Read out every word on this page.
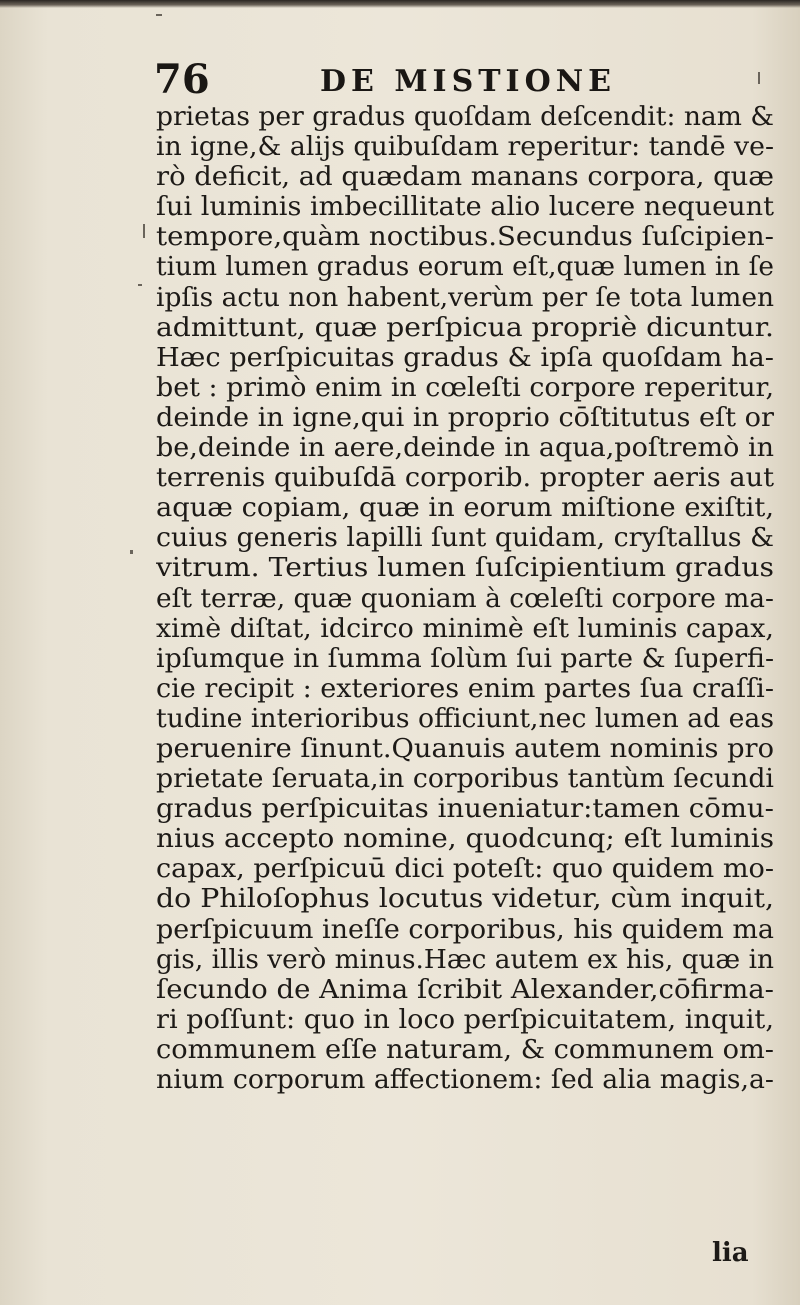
76	DE MISTIONE
prietas per gradus quoſdam deſcendit: nam &
in igne,& alijs quibuſdam reperitur: tandē ve-
rò deficit, ad quædam manans corpora, quæ
ſui luminis imbecillitate alio lucere nequeunt
tempore,quàm noctibus.Secundus ſuſcipien-
tium lumen gradus eorum eſt,quæ lumen in ſe
ipſis actu non habent,verùm per ſe tota lumen
admittunt, quæ perſpicua propriè dicuntur.
Hæc perſpicuitas gradus & ipſa quoſdam ha-
bet : primò enim in cœleſti corpore reperitur,
deinde in igne,qui in proprio cōſtitutus eſt or
be,deinde in aere,deinde in aqua,poſtremò in
terrenis quibuſdā corporib. propter aeris aut
aquæ copiam, quæ in eorum miſtione exiſtit,
cuius generis lapilli ſunt quidam, cryſtallus &
vitrum. Tertius lumen ſuſcipientium gradus
eſt terræ, quæ quoniam à cœleſti corpore ma-
ximè diſtat, idcirco minimè eſt luminis capax,
ipſumque in ſumma ſolùm ſui parte & ſuperfi-
cie recipit : exteriores enim partes ſua craſſi-
tudine interioribus officiunt,nec lumen ad eas
peruenire ſinunt.Quanuis autem nominis pro
prietate ſeruata,in corporibus tantùm ſecundi
gradus perſpicuitas inueniatur:tamen cōmu-
nius accepto nomine, quodcunq; eſt luminis
capax, perſpicuū dici poteſt: quo quidem mo-
do Philoſophus locutus videtur, cùm inquit,
perſpicuum ineſſe corporibus, his quidem ma
gis, illis verò minus.Hæc autem ex his, quæ in
ſecundo de Anima ſcribit Alexander,cōfirma-
ri poſſunt: quo in loco perſpicuitatem, inquit,
communem eſſe naturam, & communem om-
nium corporum affectionem: ſed alia magis,a-
lia
